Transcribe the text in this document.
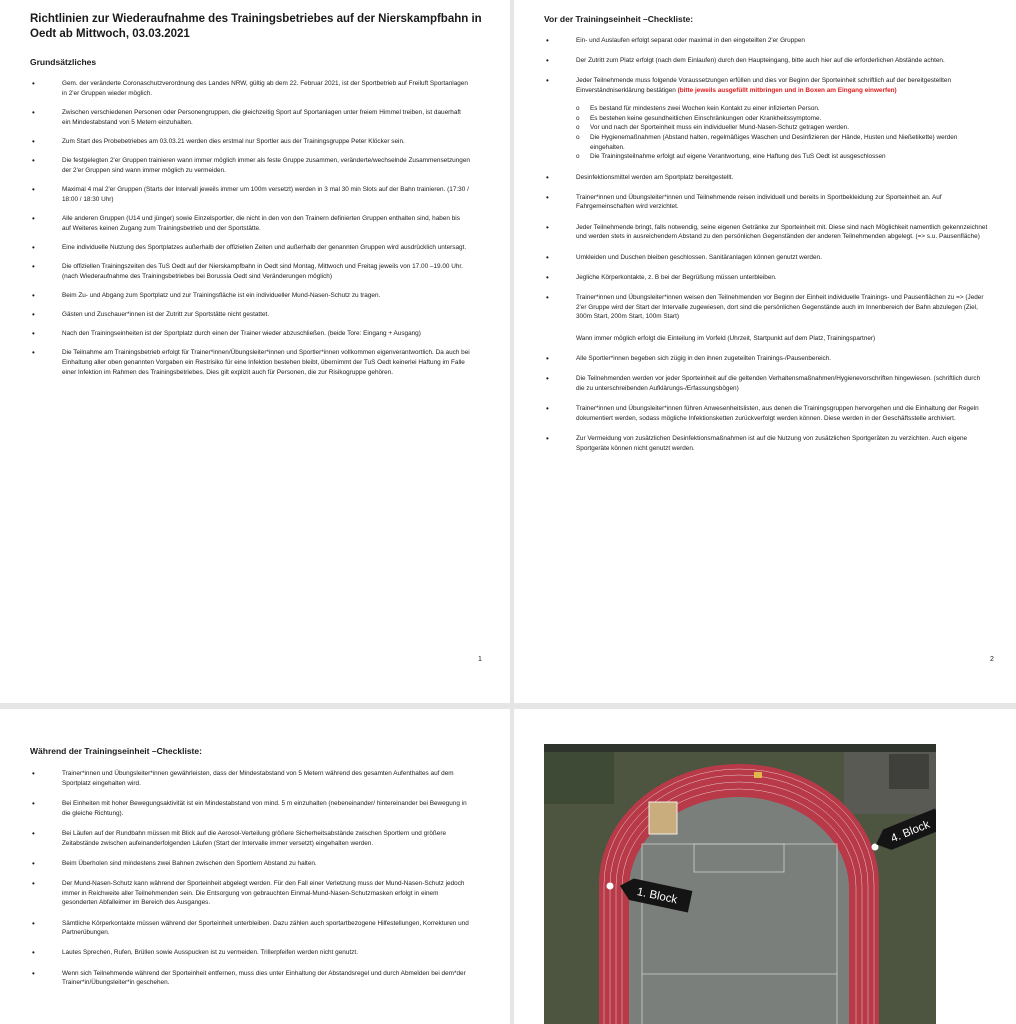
Richtlinien zur Wiederaufnahme des Trainingsbetriebes auf der Nierskampfbahn in Oedt ab Mittwoch, 03.03.2021
Grundsätzliches
• Gem. der veränderte Coronaschutzverordnung des Landes NRW, gültig ab dem 22. Februar 2021, ist der Sportbetrieb auf Freiluft Sportanlagen in 2'er Gruppen wieder möglich.
• Zwischen verschiedenen Personen oder Personengruppen, die gleichzeitig Sport auf Sportanlagen unter freiem Himmel treiben, ist dauerhaft ein Mindestabstand von 5 Metern einzuhalten.
• Zum Start des Probebetriebes am 03.03.21 werden dies erstmal nur Sportler aus der Trainingsgruppe Peter Klöcker sein.
• Die festgelegten 2'er Gruppen trainieren wann immer möglich immer als feste Gruppe zusammen, veränderte/wechselnde Zusammensetzungen der 2'er Gruppen sind wann immer möglich zu vermeiden.
• Maximal 4 mal 2'er Gruppen (Starts der Intervall jeweils immer um 100m versetzt) werden in 3 mal 30 min Slots auf der Bahn trainieren. (17:30 / 18:00 / 18:30 Uhr)
• Alle anderen Gruppen (U14 und jünger) sowie Einzelsportler, die nicht in den von den Trainern definierten Gruppen enthalten sind, haben bis auf Weiteres keinen Zugang zum Trainingsbetrieb und der Sportstätte.
• Eine individuelle Nutzung des Sportplatzes außerhalb der offiziellen Zeiten und außerhalb der genannten Gruppen wird ausdrücklich untersagt.
• Die offiziellen Trainingszeiten des TuS Oedt auf der Nierskampfbahn in Oedt sind Montag, Mittwoch und Freitag jeweils von 17.00 –19.00 Uhr. (nach Wiederaufnahme des Trainingsbetriebes bei Borussia Oedt sind Veränderungen möglich)
• Beim Zu- und Abgang zum Sportplatz und zur Trainingsfläche ist ein individueller Mund-Nasen-Schutz zu tragen.
• Gästen und Zuschauer*innen ist der Zutritt zur Sportstätte nicht gestattet.
• Nach den Trainingseinheiten ist der Sportplatz durch einen der Trainer wieder abzuschließen. (beide Tore: Eingang + Ausgang)
• Die Teilnahme am Trainingsbetrieb erfolgt für Trainer*innen/Übungsleiter*innen und Sportler*innen vollkommen eigenverantwortlich. Da auch bei Einhaltung aller oben genannten Vorgaben ein Restrisiko für eine Infektion bestehen bleibt, übernimmt der TuS Oedt keinerlei Haftung im Falle einer Infektion im Rahmen des Trainingsbetriebes. Dies gilt explizit auch für Personen, die zur Risikogruppe gehören.
1
Vor der Trainingseinheit –Checkliste:
• Ein- und Auslaufen erfolgt separat oder maximal in den eingeteilten 2'er Gruppen
• Der Zutritt zum Platz erfolgt (nach dem Einlaufen) durch den Haupteingang, bitte auch hier auf die erforderlichen Abstände achten.
• Jeder Teilnehmende muss folgende Voraussetzungen erfüllen und dies vor Beginn der Sporteinheit schriftlich auf der bereitgestellten Einverständniserklärung bestätigen (bitte jeweils ausgefüllt mitbringen und in Boxen am Eingang einwerfen)
o Es bestand für mindestens zwei Wochen kein Kontakt zu einer infizierten Person.
o Es bestehen keine gesundheitlichen Einschränkungen oder Krankheitssymptome.
o Vor und nach der Sporteinheit muss ein individueller Mund-Nasen-Schutz getragen werden.
o Die Hygienemaßnahmen (Abstand halten, regelmäßiges Waschen und Desinfizieren der Hände, Husten und Nießetikette) werden eingehalten.
o Die Trainingsteilnahme erfolgt auf eigene Verantwortung, eine Haftung des TuS Oedt ist ausgeschlossen
• Desinfektionsmittel werden am Sportplatz bereitgestellt.
• Trainer*innen und Übungsleiter*innen und Teilnehmende reisen individuell und bereits in Sportbekleidung zur Sporteinheit an. Auf Fahrgemeinschaften wird verzichtet.
• Jeder Teilnehmende bringt, falls notwendig, seine eigenen Getränke zur Sporteinheit mit. Diese sind nach Möglichkeit namentlich gekennzeichnet und werden stets in ausreichendem Abstand zu den persönlichen Gegenständen der anderen Teilnehmenden abgelegt. (=> s.u. Pausenfläche)
• Umkleiden und Duschen bleiben geschlossen. Sanitäranlagen können genutzt werden.
• Jegliche Körperkontakte, z. B bei der Begrüßung müssen unterbleiben.
• Trainer*innen und Übungsleiter*innen weisen den Teilnehmenden vor Beginn der Einheit individuelle Trainings- und Pausenflächen zu => (Jeder 2'er Gruppe wird der Start der Intervalle zugewiesen, dort sind die persönlichen Gegenstände auch im Innenbereich der Bahn abzulegen (Ziel, 300m Start, 200m Start, 100m Start)
Wann immer möglich erfolgt die Einteilung im Vorfeld (Uhrzeit, Startpunkt auf dem Platz, Trainingspartner)
• Alle Sportler*innen begeben sich zügig in den ihnen zugeteilten Trainings-/Pausenbereich.
• Die Teilnehmenden werden vor jeder Sporteinheit auf die geltenden Verhaltensmaßnahmen/Hygienevorschriften hingewiesen. (schriftlich durch die zu unterschreibenden Aufklärungs-/Erfassungsbögen)
• Trainer*innen und Übungsleiter*innen führen Anwesenheitslisten, aus denen die Trainingsgruppen hervorgehen und die Einhaltung der Regeln dokumentiert werden, sodass mögliche Infektionsketten zurückverfolgt werden können. Diese werden in der Geschäftsstelle archiviert.
• Zur Vermeidung von zusätzlichen Desinfektionsmaßnahmen ist auf die Nutzung von zusätzlichen Sportgeräten zu verzichten. Auch eigene Sportgeräte können nicht genutzt werden.
2
Während der Trainingseinheit –Checkliste:
• Trainer*innen und Übungsleiter*innen gewährleisten, dass der Mindestabstand von 5 Metern während des gesamten Aufenthaltes auf dem Sportplatz eingehalten wird.
• Bei Einheiten mit hoher Bewegungsaktivität ist ein Mindestabstand von mind. 5 m einzuhalten (nebeneinander/ hintereinander bei Bewegung in die gleiche Richtung).
• Bei Läufen auf der Rundbahn müssen mit Blick auf die Aerosol-Verteilung größere Sicherheitsabstände zwischen Sportlern und größere Zeitabstände zwischen aufeinanderfolgenden Läufen (Start der Intervalle immer versetzt) eingehalten werden.
• Beim Überholen sind mindestens zwei Bahnen zwischen den Sportlern Abstand zu halten.
• Der Mund-Nasen-Schutz kann während der Sporteinheit abgelegt werden. Für den Fall einer Verletzung muss der Mund-Nasen-Schutz jedoch immer in Reichweite aller Teilnehmenden sein. Die Entsorgung von gebrauchten Einmal-Mund-Nasen-Schutzmasken erfolgt in einem gesonderten Abfalleimer im Bereich des Ausganges.
• Sämtliche Körperkontakte müssen während der Sporteinheit unterbleiben. Dazu zählen auch sportartbezogene Hilfestellungen, Korrekturen und Partnerübungen.
• Lautes Sprechen, Rufen, Brüllen sowie Ausspucken ist zu vermeiden. Trillerpfeifen werden nicht genutzt.
• Wenn sich Teilnehmende während der Sporteinheit entfernen, muss dies unter Einhaltung der Abstandsregel und durch Abmelden bei dem*der Trainer*in/Übungsleiter*in geschehen.
1. Block
4. Block
